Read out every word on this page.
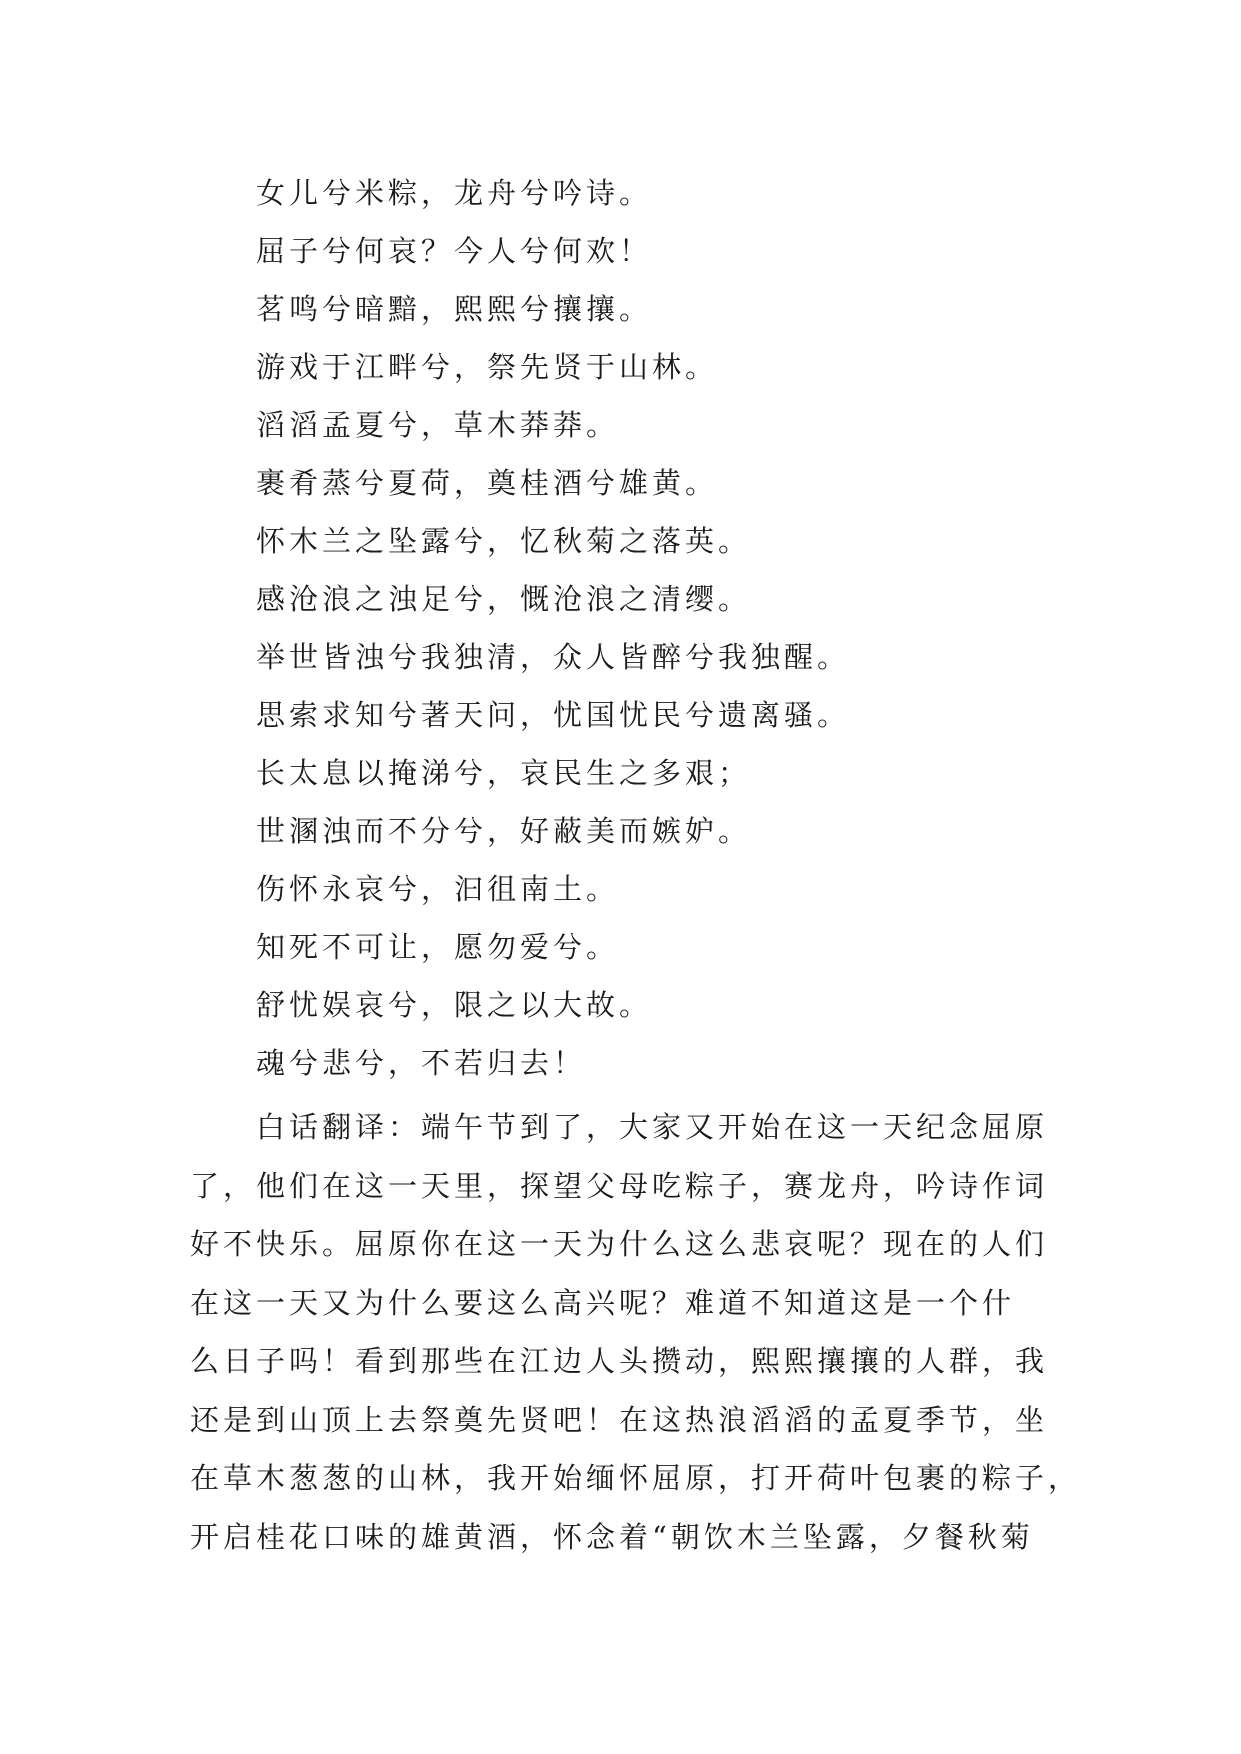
女儿兮米粽，龙舟兮吟诗。
屈子兮何哀？今人兮何欢！
茗鸣兮暗黯，熙熙兮攘攘。
游戏于江畔兮，祭先贤于山林。
滔滔孟夏兮，草木莽莽。
裹肴蒸兮夏荷，奠桂酒兮雄黄。
怀木兰之坠露兮，忆秋菊之落英。
感沧浪之浊足兮，慨沧浪之清缨。
举世皆浊兮我独清，众人皆醉兮我独醒。
思索求知兮著天问，忧国忧民兮遗离骚。
长太息以掩涕兮，哀民生之多艰；
世溷浊而不分兮，好蔽美而嫉妒。
伤怀永哀兮，汩徂南土。
知死不可让，愿勿爱兮。
舒忧娱哀兮，限之以大故。
魂兮悲兮，不若归去！
白话翻译：端午节到了，大家又开始在这一天纪念屈原
了，他们在这一天里，探望父母吃粽子，赛龙舟，吟诗作词
好不快乐。屈原你在这一天为什么这么悲哀呢？现在的人们
在这一天又为什么要这么高兴呢？难道不知道这是一个什
么日子吗！看到那些在江边人头攒动，熙熙攘攘的人群，我
还是到山顶上去祭奠先贤吧！在这热浪滔滔的孟夏季节，坐
在草木葱葱的山林，我开始缅怀屈原，打开荷叶包裹的粽子，
开启桂花口味的雄黄酒，怀念着“朝饮木兰坠露，夕餐秋菊
